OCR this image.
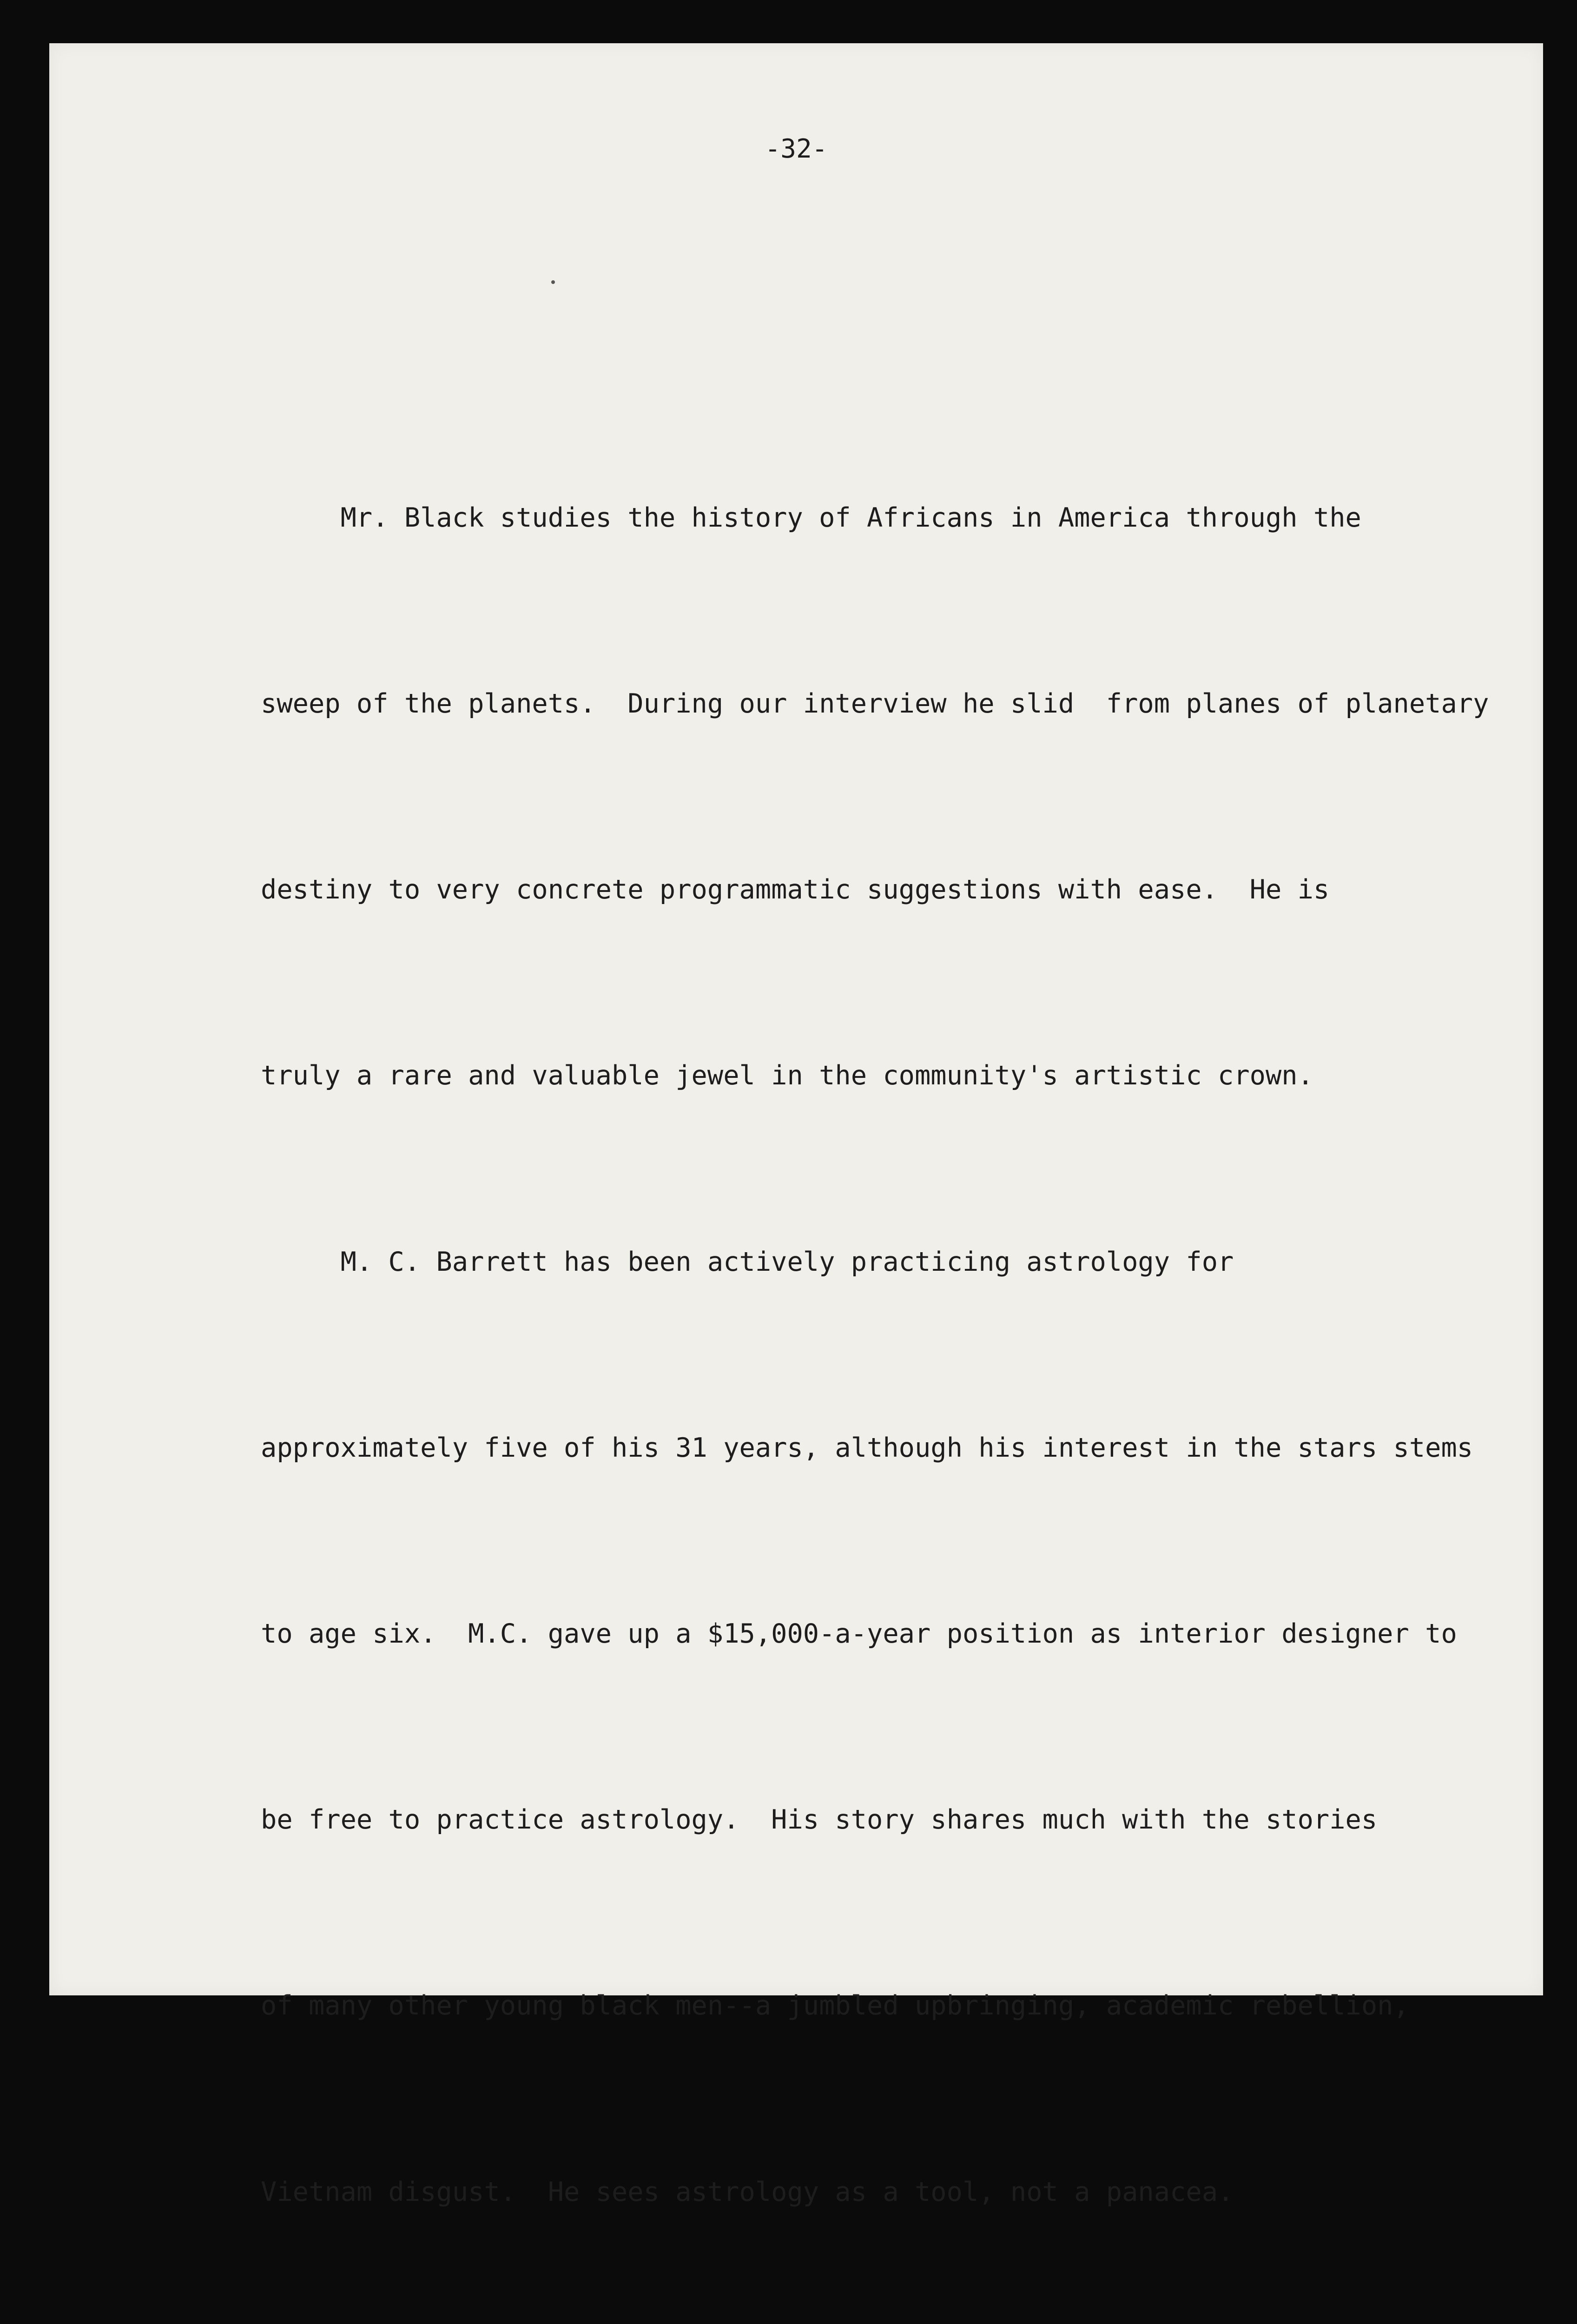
-32-

Mr. Black studies the history of Africans in America through the

sweep of the planets.  During our interview he slid  from planes of planetary

destiny to very concrete programmatic suggestions with ease.  He is

truly a rare and valuable jewel in the community's artistic crown.

M. C. Barrett has been actively practicing astrology for

approximately five of his 31 years, although his interest in the stars stems

to age six.  M.C. gave up a $15,000-a-year position as interior designer to

be free to practice astrology.  His story shares much with the stories

of many other young black men--a jumbled upbringing, academic rebellion,

Vietnam disgust.  He sees astrology as a tool, not a panacea.
